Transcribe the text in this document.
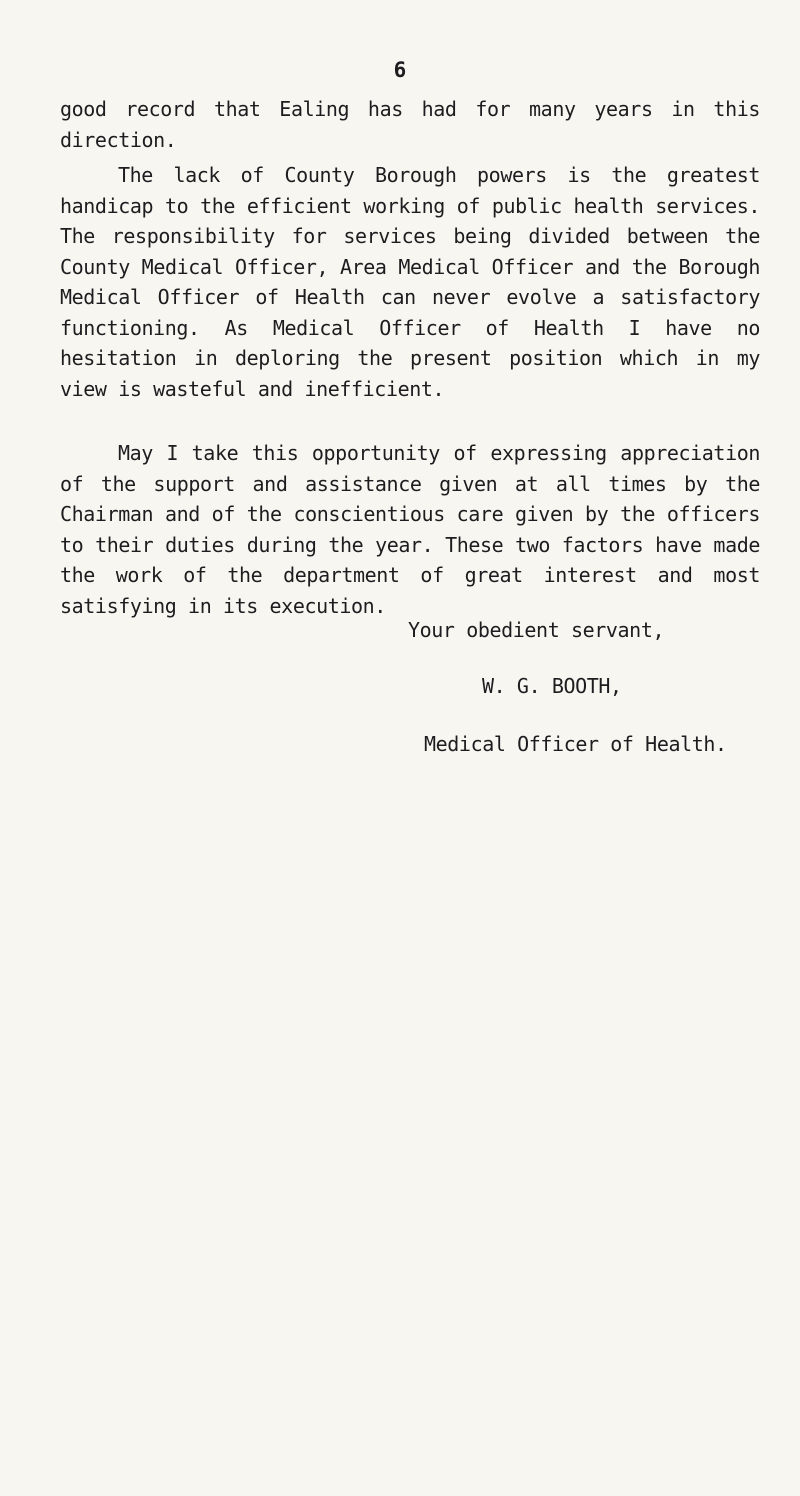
6

good record that Ealing has had for many years in this direction.

The lack of County Borough powers is the greatest handicap to the efficient working of public health services. The responsibility for services being divided between the County Medical Officer, Area Medical Officer and the Borough Medical Officer of Health can never evolve a satisfactory functioning. As Medical Officer of Health I have no hesitation in deploring the present position which in my view is wasteful and inefficient.

May I take this opportunity of expressing appreciation of the support and assistance given at all times by the Chairman and of the conscientious care given by the officers to their duties during the year. These two factors have made the work of the department of great interest and most satisfying in its execution.

Your obedient servant,

W. G. BOOTH,

Medical Officer of Health.
